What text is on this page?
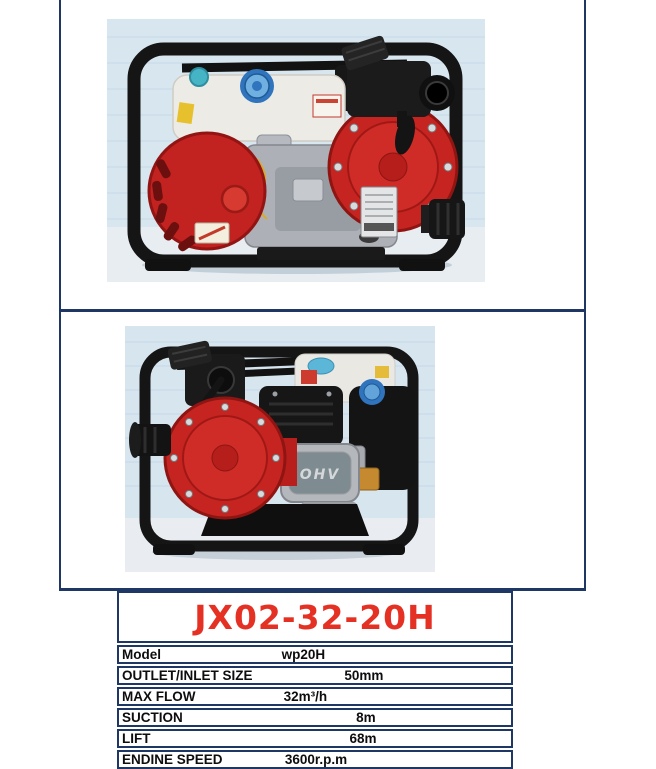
OHV
JX02-32-20H
Model	wp20H
OUTLET/INLET SIZE	50mm
MAX FLOW	32m³/h
SUCTION	8m
LIFT	68m
ENDINE SPEED	3600r.p.m
